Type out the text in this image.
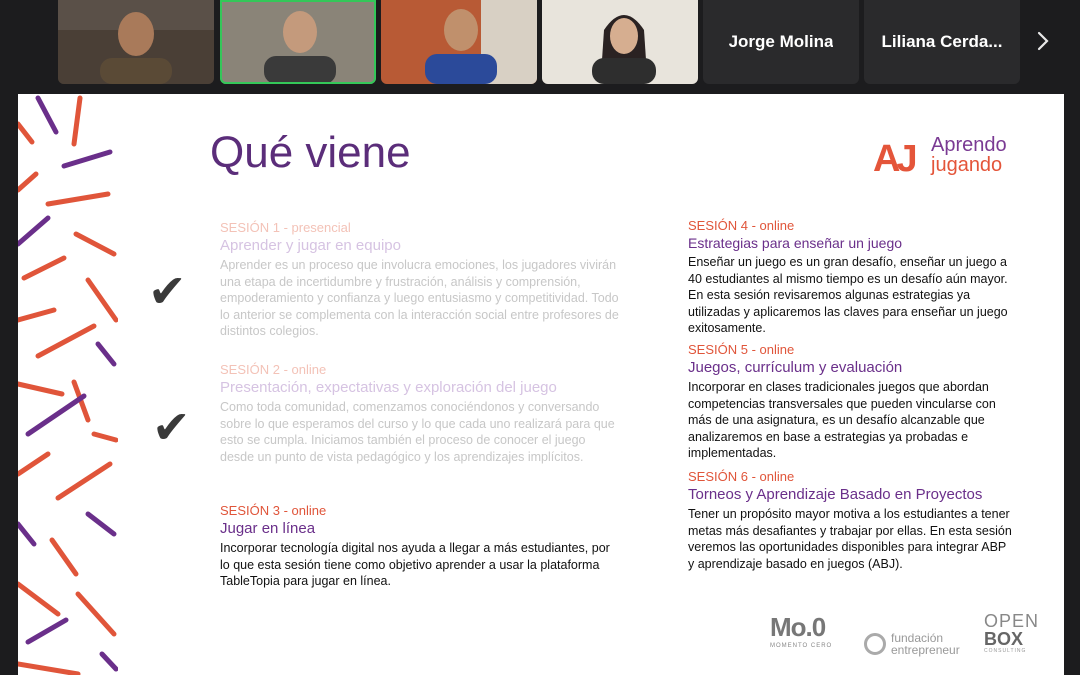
Jorge Molina	Liliana Cerda...
Qué viene	AJ Aprendo
jugando
✔
✔
SESIÓN 1 - presencial
Aprender y jugar en equipo
Aprender es un proceso que involucra emociones, los jugadores vivirán una etapa de incertidumbre y frustración, análisis y comprensión, empoderamiento y confianza y luego entusiasmo y competitividad. Todo lo anterior se complementa con la interacción social entre profesores de distintos colegios.
SESIÓN 2 - online
Presentación, expectativas y exploración del juego
Como toda comunidad, comenzamos conociéndonos y conversando sobre lo que esperamos del curso y lo que cada uno realizará para que esto se cumpla. Iniciamos también el proceso de conocer el juego desde un punto de vista pedagógico y los aprendizajes implícitos.
SESIÓN 3 - online
Jugar en línea
Incorporar tecnología digital nos ayuda a llegar a más estudiantes, por lo que esta sesión tiene como objetivo aprender a usar la plataforma TableTopia para jugar en línea.
SESIÓN 4 - online
Estrategias para enseñar un juego
Enseñar un juego es un gran desafío, enseñar un juego a 40 estudiantes al mismo tiempo es un desafío aún mayor. En esta sesión revisaremos algunas estrategias ya utilizadas y aplicaremos las claves para enseñar un juego exitosamente.
SESIÓN 5 - online
Juegos, currículum y evaluación
Incorporar en clases tradicionales juegos que abordan competencias transversales que pueden vincularse con más de una asignatura, es un desafío alcanzable que analizaremos en base a estrategias ya probadas e implementadas.
SESIÓN 6 - online
Torneos y Aprendizaje Basado en Proyectos
Tener un propósito mayor motiva a los estudiantes a tener metas más desafiantes y trabajar por ellas. En esta sesión veremos las oportunidades disponibles para integrar ABP y aprendizaje basado en juegos (ABJ).
Mo.0
MOMENTO CERO
fundación
entrepreneur
OPEN
BOX
CONSULTING
